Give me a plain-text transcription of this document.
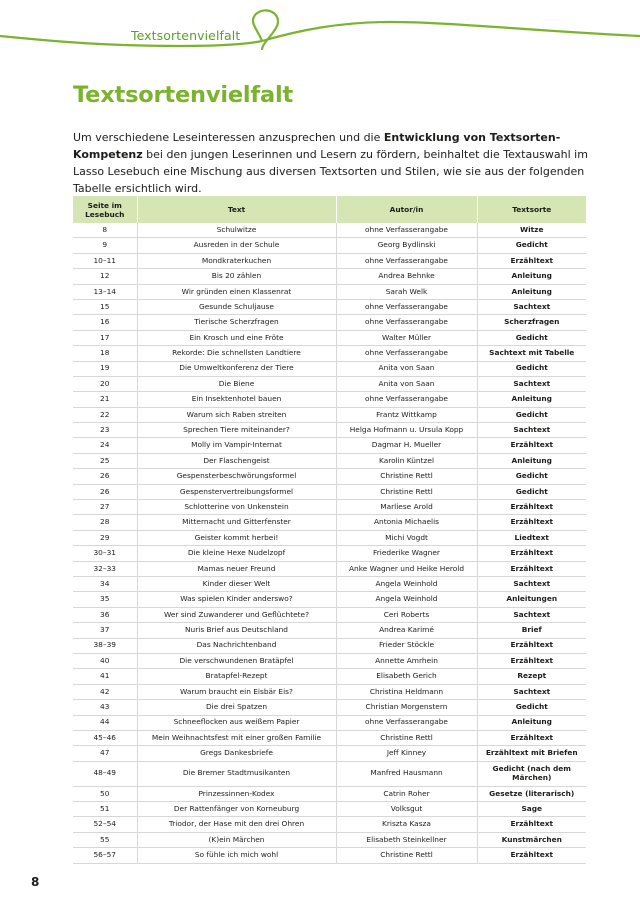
Textsortenvielfalt
Textsortenvielfalt

Um verschiedene Leseinteressen anzusprechen und die Entwicklung von Textsorten-Kompetenz bei den jungen Leserinnen und Lesern zu fördern, beinhaltet die Textauswahl im Lasso Lesebuch eine Mischung aus diversen Textsorten und Stilen, wie sie aus der folgenden Tabelle ersichtlich wird.

Seite im Lesebuch	Text	Autor/in	Textsorte
8	Schulwitze	ohne Verfasserangabe	Witze
9	Ausreden in der Schule	Georg Bydlinski	Gedicht
10–11	Mondkraterkuchen	ohne Verfasserangabe	Erzähltext
12	Bis 20 zählen	Andrea Behnke	Anleitung
13–14	Wir gründen einen Klassenrat	Sarah Welk	Anleitung
15	Gesunde Schuljause	ohne Verfasserangabe	Sachtext
16	Tierische Scherzfragen	ohne Verfasserangabe	Scherzfragen
17	Ein Krosch und eine Fröte	Walter Müller	Gedicht
18	Rekorde: Die schnellsten Landtiere	ohne Verfasserangabe	Sachtext mit Tabelle
19	Die Umweltkonferenz der Tiere	Anita von Saan	Gedicht
20	Die Biene	Anita von Saan	Sachtext
21	Ein Insektenhotel bauen	ohne Verfasserangabe	Anleitung
22	Warum sich Raben streiten	Frantz Wittkamp	Gedicht
23	Sprechen Tiere miteinander?	Helga Hofmann u. Ursula Kopp	Sachtext
24	Molly im Vampir-Internat	Dagmar H. Mueller	Erzähltext
25	Der Flaschengeist	Karolin Küntzel	Anleitung
26	Gespensterbeschwörungsformel	Christine Rettl	Gedicht
26	Gespenstervertreibungsformel	Christine Rettl	Gedicht
27	Schlotterine von Unkenstein	Marliese Arold	Erzähltext
28	Mitternacht und Gitterfenster	Antonia Michaelis	Erzähltext
29	Geister kommt herbei!	Michi Vogdt	Liedtext
30–31	Die kleine Hexe Nudelzopf	Friederike Wagner	Erzähltext
32–33	Mamas neuer Freund	Anke Wagner und Heike Herold	Erzähltext
34	Kinder dieser Welt	Angela Weinhold	Sachtext
35	Was spielen Kinder anderswo?	Angela Weinhold	Anleitungen
36	Wer sind Zuwanderer und Geflüchtete?	Ceri Roberts	Sachtext
37	Nuris Brief aus Deutschland	Andrea Karimé	Brief
38–39	Das Nachrichtenband	Frieder Stöckle	Erzähltext
40	Die verschwundenen Bratäpfel	Annette Amrhein	Erzähltext
41	Bratapfel-Rezept	Elisabeth Gerich	Rezept
42	Warum braucht ein Eisbär Eis?	Christina Heldmann	Sachtext
43	Die drei Spatzen	Christian Morgenstern	Gedicht
44	Schneeflocken aus weißem Papier	ohne Verfasserangabe	Anleitung
45–46	Mein Weihnachtsfest mit einer großen Familie	Christine Rettl	Erzähltext
47	Gregs Dankesbriefe	Jeff Kinney	Erzähltext mit Briefen
48–49	Die Bremer Stadtmusikanten	Manfred Hausmann	Gedicht (nach dem Märchen)
50	Prinzessinnen-Kodex	Catrin Roher	Gesetze (literarisch)
51	Der Rattenfänger von Korneuburg	Volksgut	Sage
52–54	Triodor, der Hase mit den drei Ohren	Kriszta Kasza	Erzähltext
55	(K)ein Märchen	Elisabeth Steinkellner	Kunstmärchen
56–57	So fühle ich mich wohl	Christine Rettl	Erzähltext
8
